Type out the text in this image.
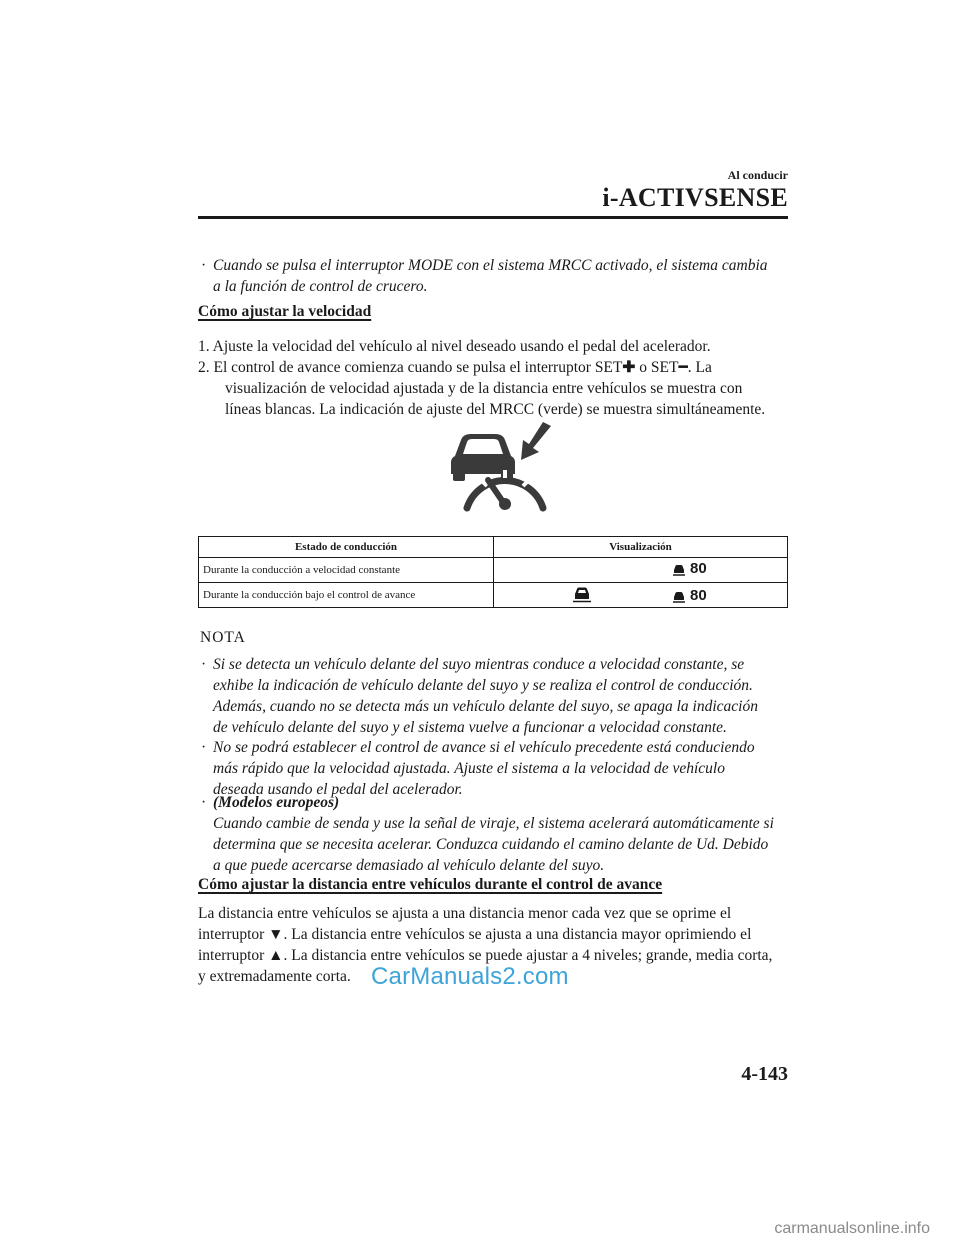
Al conducir
i-ACTIVSENSE
· Cuando se pulsa el interruptor MODE con el sistema MRCC activado, el sistema cambia
a la función de control de crucero.
Cómo ajustar la velocidad
1. Ajuste la velocidad del vehículo al nivel deseado usando el pedal del acelerador.
2. El control de avance comienza cuando se pulsa el interruptor SET✚ o SET━. La
visualización de velocidad ajustada y de la distancia entre vehículos se muestra con
líneas blancas. La indicación de ajuste del MRCC (verde) se muestra simultáneamente.
Estado de conducción	Visualización
Durante la conducción a velocidad constante	80

Durante la conducción bajo el control de avance	80
NOTA
· Si se detecta un vehículo delante del suyo mientras conduce a velocidad constante, se
exhibe la indicación de vehículo delante del suyo y se realiza el control de conducción.
Además, cuando no se detecta más un vehículo delante del suyo, se apaga la indicación
de vehículo delante del suyo y el sistema vuelve a funcionar a velocidad constante.
· No se podrá establecer el control de avance si el vehículo precedente está conduciendo
más rápido que la velocidad ajustada. Ajuste el sistema a la velocidad de vehículo
deseada usando el pedal del acelerador.
· (Modelos europeos)
Cuando cambie de senda y use la señal de viraje, el sistema acelerará automáticamente si
determina que se necesita acelerar. Conduzca cuidando el camino delante de Ud. Debido
a que puede acercarse demasiado al vehículo delante del suyo.
Cómo ajustar la distancia entre vehículos durante el control de avance
La distancia entre vehículos se ajusta a una distancia menor cada vez que se oprime el
interruptor ▼. La distancia entre vehículos se ajusta a una distancia mayor oprimiendo el
interruptor ▲. La distancia entre vehículos se puede ajustar a 4 niveles; grande, media corta,
y extremadamente corta. CarManuals2.com
4-143
carmanualsonline.info
